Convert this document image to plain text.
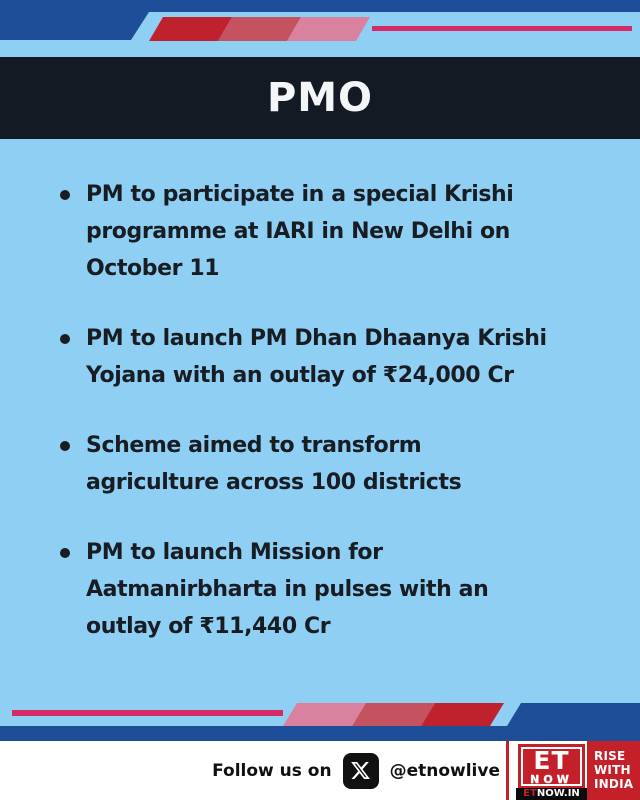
PMO
PM to participate in a special Krishi
programme at IARI in New Delhi on
October 11
PM to launch PM Dhan Dhaanya Krishi
Yojana with an outlay of ₹24,000 Cr
Scheme aimed to transform
agriculture across 100 districts
PM to launch Mission for
Aatmanirbharta in pulses with an
outlay of ₹11,440 Cr
Follow us on	@etnowlive ET
NOW
ET NOW.IN
RISE
WITH
INDIA
